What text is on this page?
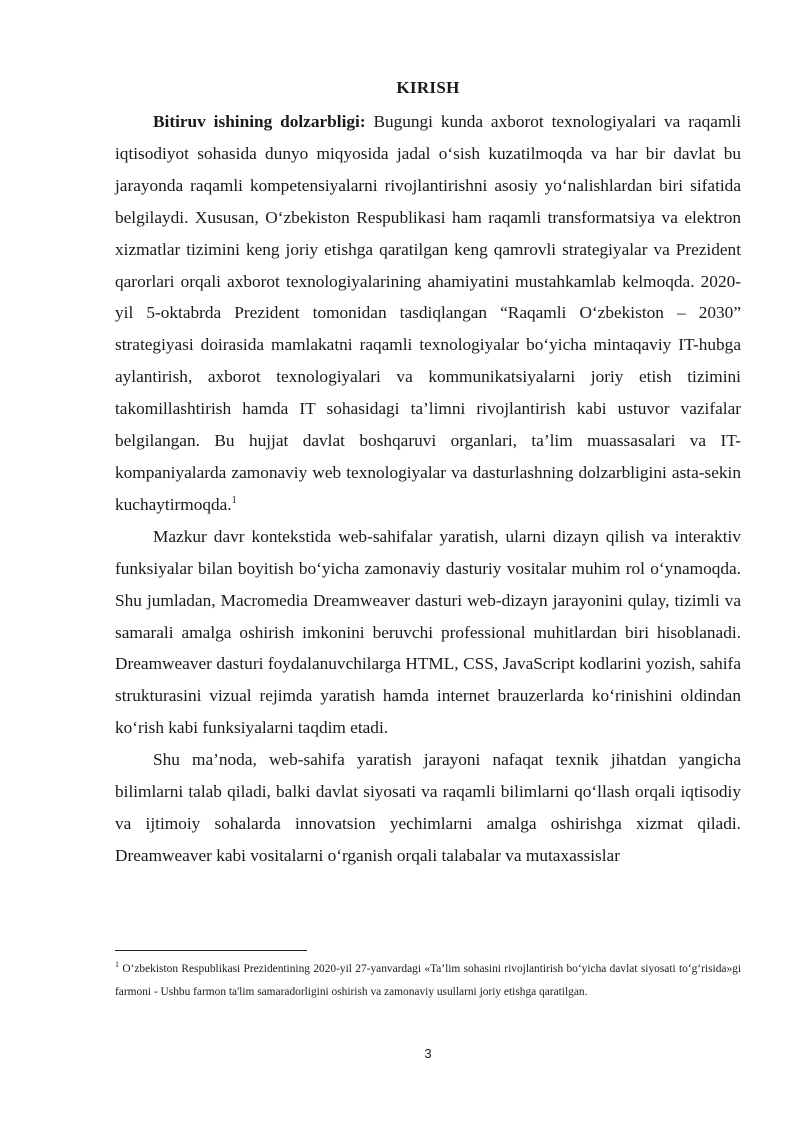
KIRISH

Bitiruv ishining dolzarbligi: Bugungi kunda axborot texnologiyalari va raqamli iqtisodiyot sohasida dunyo miqyosida jadal o‘sish kuzatilmoqda va har bir davlat bu jarayonda raqamli kompetensiyalarni rivojlantirishni asosiy yo‘nalishlardan biri sifatida belgilaydi. Xususan, O‘zbekiston Respublikasi ham raqamli transformatsiya va elektron xizmatlar tizimini keng joriy etishga qaratilgan keng qamrovli strategiyalar va Prezident qarorlari orqali axborot texnologiyalarining ahamiyatini mustahkamlab kelmoqda. 2020-yil 5-oktabrda Prezident tomonidan tasdiqlangan “Raqamli O‘zbekiston – 2030” strategiyasi doirasida mamlakatni raqamli texnologiyalar bo‘yicha mintaqaviy IT-hubga aylantirish, axborot texnologiyalari va kommunikatsiyalarni joriy etish tizimini takomillashtirish hamda IT sohasidagi ta’limni rivojlantirish kabi ustuvor vazifalar belgilangan. Bu hujjat davlat boshqaruvi organlari, ta’lim muassasalari va IT-kompaniyalarda zamonaviy web texnologiyalar va dasturlashning dolzarbligini asta-sekin kuchaytirmoqda.$^1$

Mazkur davr kontekstida web-sahifalar yaratish, ularni dizayn qilish va interaktiv funksiyalar bilan boyitish bo‘yicha zamonaviy dasturiy vositalar muhim rol o‘ynamoqda. Shu jumladan, Macromedia Dreamweaver dasturi web-dizayn jarayonini qulay, tizimli va samarali amalga oshirish imkonini beruvchi professional muhitlardan biri hisoblanadi. Dreamweaver dasturi foydalanuvchilarga HTML, CSS, JavaScript kodlarini yozish, sahifa strukturasini vizual rejimda yaratish hamda internet brauzerlarda ko‘rinishini oldindan ko‘rish kabi funksiyalarni taqdim etadi.

Shu ma’noda, web-sahifa yaratish jarayoni nafaqat texnik jihatdan yangicha bilimlarni talab qiladi, balki davlat siyosati va raqamli bilimlarni qo‘llash orqali iqtisodiy va ijtimoiy sohalarda innovatsion yechimlarni amalga oshirishga xizmat qiladi. Dreamweaver kabi vositalarni o‘rganish orqali talabalar va mutaxassislar

$^1$ O‘zbekiston Respublikasi Prezidentining 2020-yil 27-yanvardagi «Ta’lim sohasini rivojlantirish bo‘yicha davlat siyosati to‘g‘risida»gi farmoni - Ushbu farmon ta'lim samaradorligini oshirish va zamonaviy usullarni joriy etishga qaratilgan.
3
